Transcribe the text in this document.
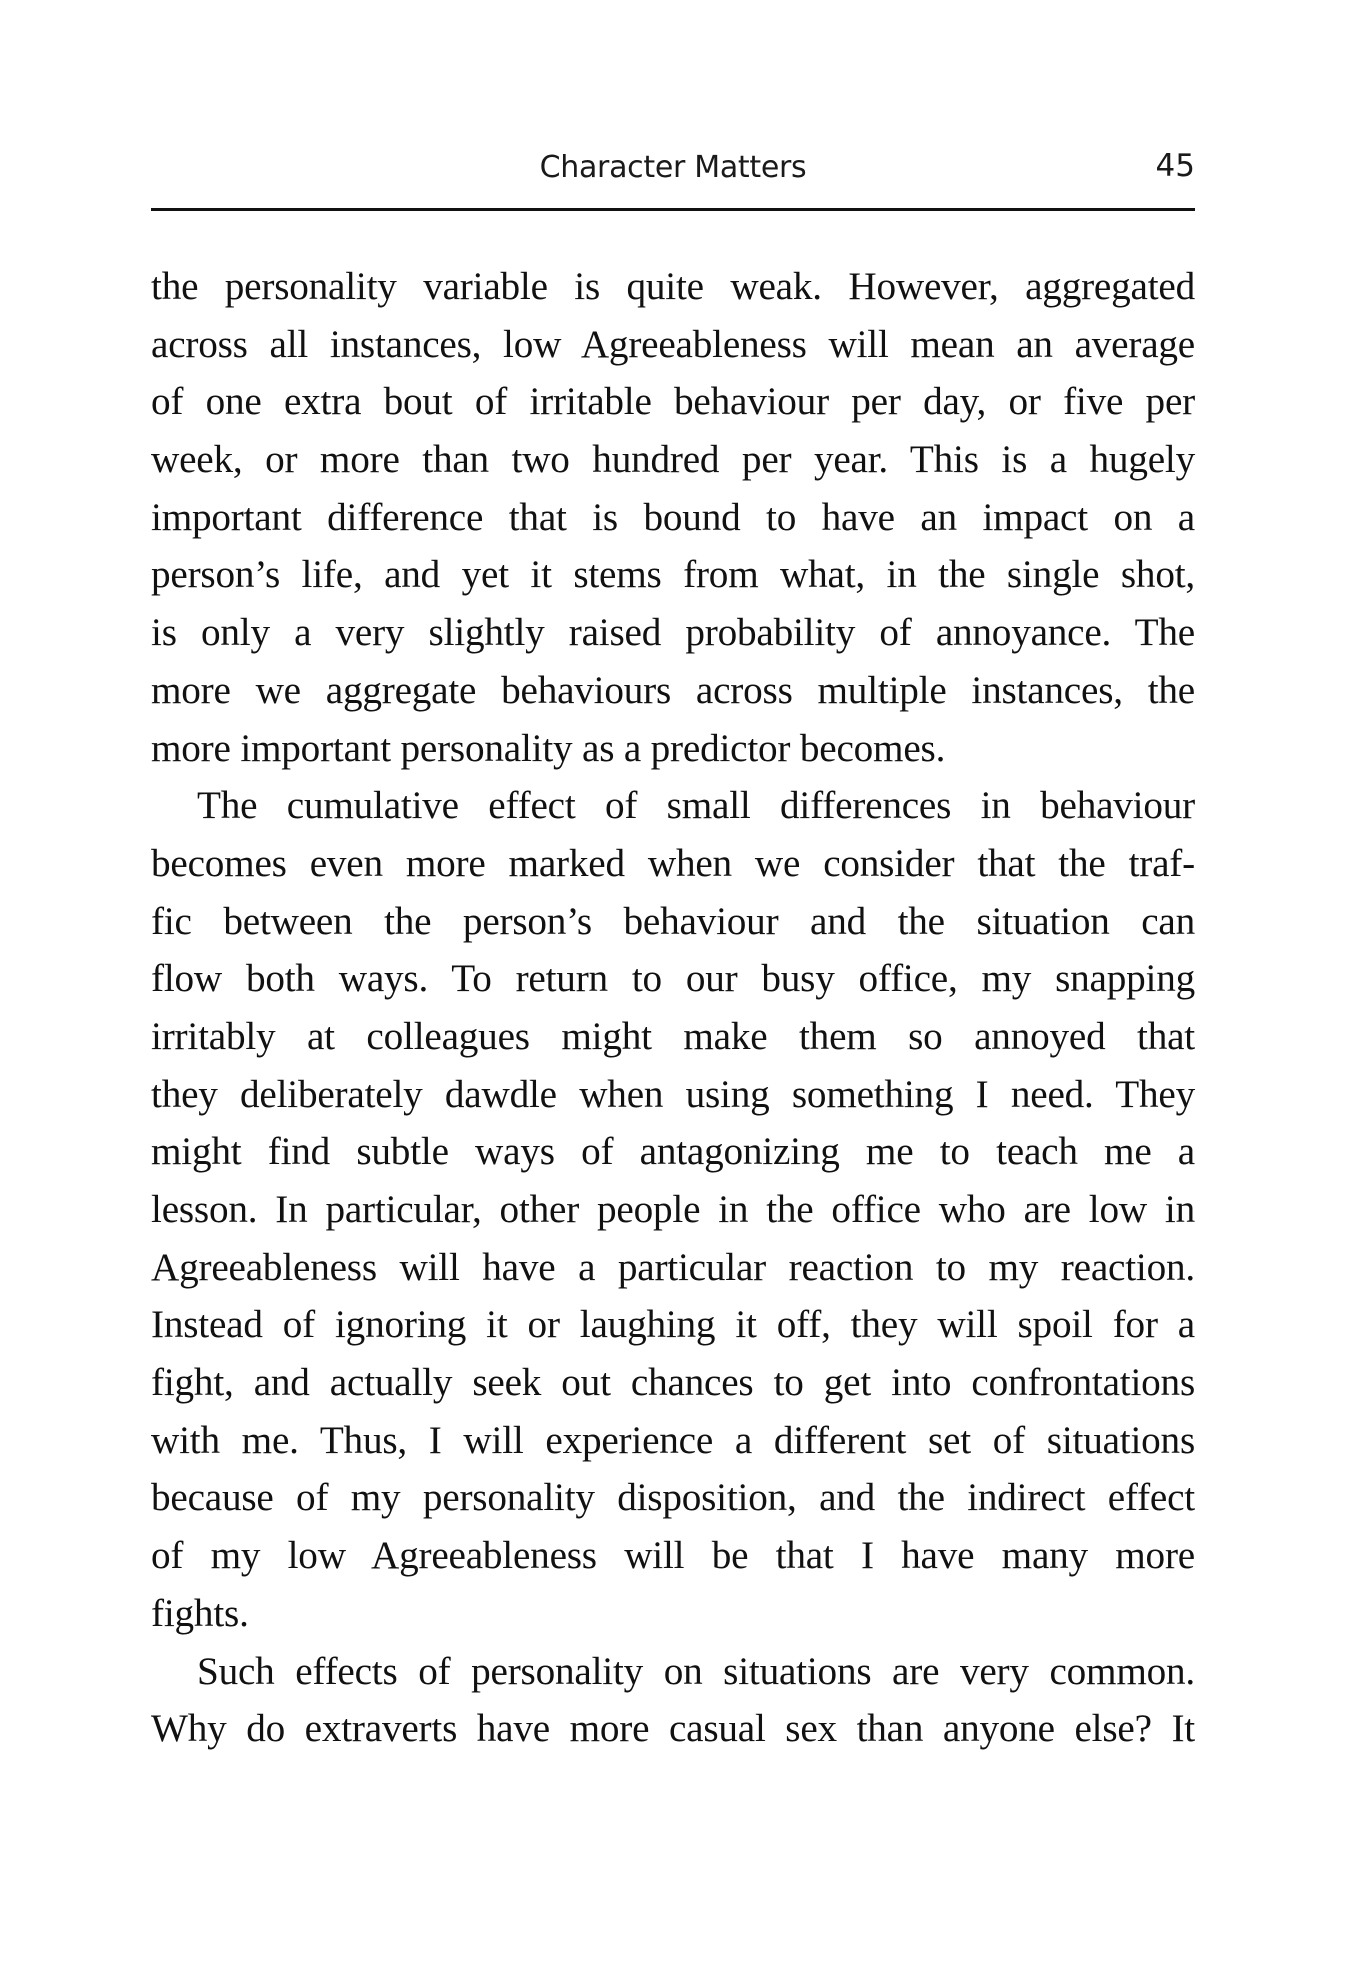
Character Matters	45
the personality variable is quite weak. However, aggregated
across all instances, low Agreeableness will mean an average
of one extra bout of irritable behaviour per day, or five per
week, or more than two hundred per year. This is a hugely
important difference that is bound to have an impact on a
person’s life, and yet it stems from what, in the single shot,
is only a very slightly raised probability of annoyance. The
more we aggregate behaviours across multiple instances, the
more important personality as a predictor becomes.
The cumulative effect of small differences in behaviour
becomes even more marked when we consider that the traf-
fic between the person’s behaviour and the situation can
flow both ways. To return to our busy office, my snapping
irritably at colleagues might make them so annoyed that
they deliberately dawdle when using something I need. They
might find subtle ways of antagonizing me to teach me a
lesson. In particular, other people in the office who are low in
Agreeableness will have a particular reaction to my reaction.
Instead of ignoring it or laughing it off, they will spoil for a
fight, and actually seek out chances to get into confrontations
with me. Thus, I will experience a different set of situations
because of my personality disposition, and the indirect effect
of my low Agreeableness will be that I have many more
fights.
Such effects of personality on situations are very common.
Why do extraverts have more casual sex than anyone else? It
